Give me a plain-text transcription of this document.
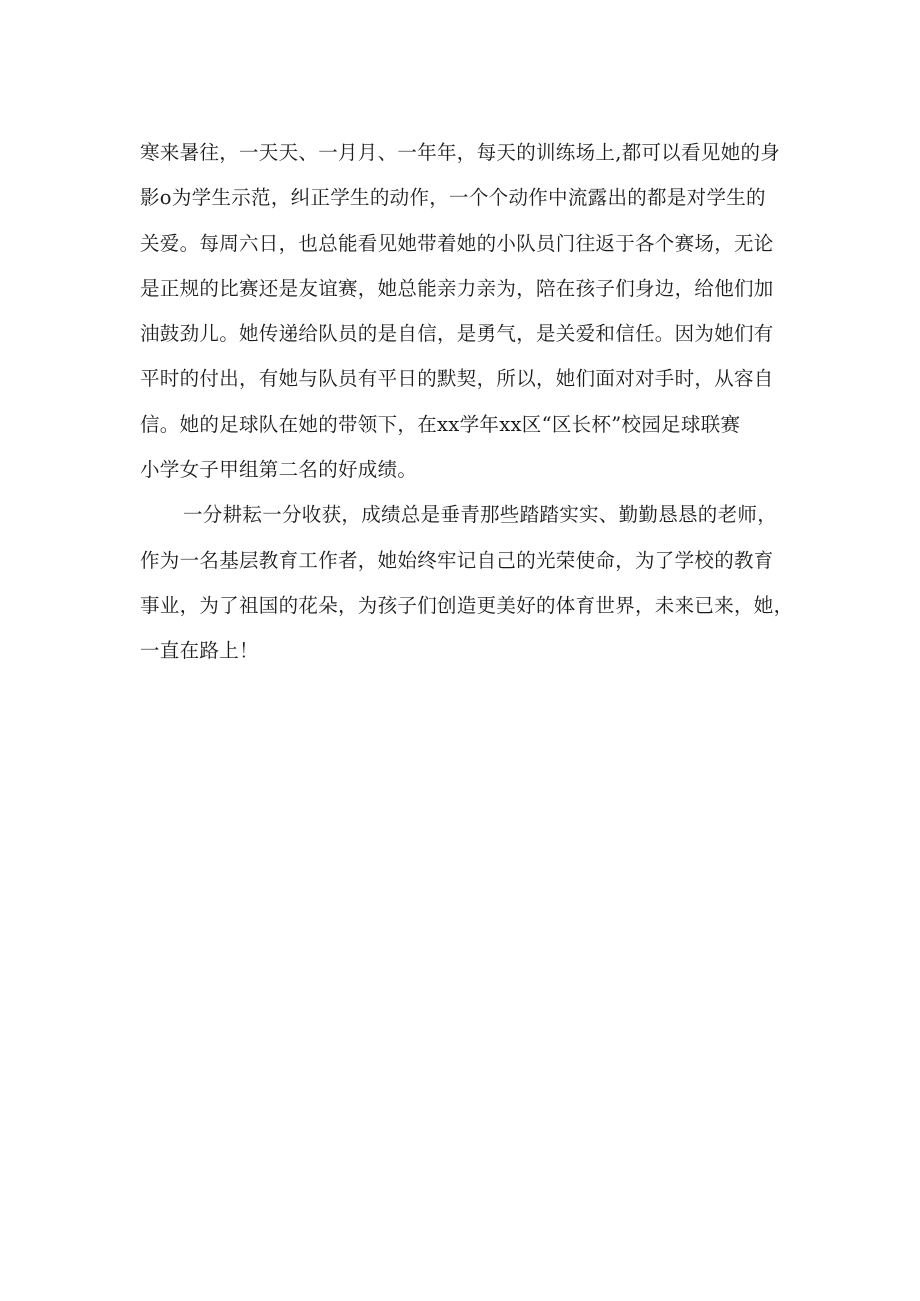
寒来暑往，一天天、一月月、一年年，每天的训练场上,都可以看见她的身
影o为学生示范，纠正学生的动作，一个个动作中流露出的都是对学生的
关爱。每周六日，也总能看见她带着她的小队员门往返于各个赛场，无论
是正规的比赛还是友谊赛，她总能亲力亲为，陪在孩子们身边，给他们加
油鼓劲儿。她传递给队员的是自信，是勇气，是关爱和信任。因为她们有
平时的付出，有她与队员有平日的默契，所以，她们面对对手时，从容自
信。她的足球队在她的带领下，在xx学年xx区“区长杯”校园足球联赛
小学女子甲组第二名的好成绩。
一分耕耘一分收获，成绩总是垂青那些踏踏实实、勤勤恳恳的老师，
作为一名基层教育工作者，她始终牢记自己的光荣使命，为了学校的教育
事业，为了祖国的花朵，为孩子们创造更美好的体育世界，未来已来，她，
一直在路上！
